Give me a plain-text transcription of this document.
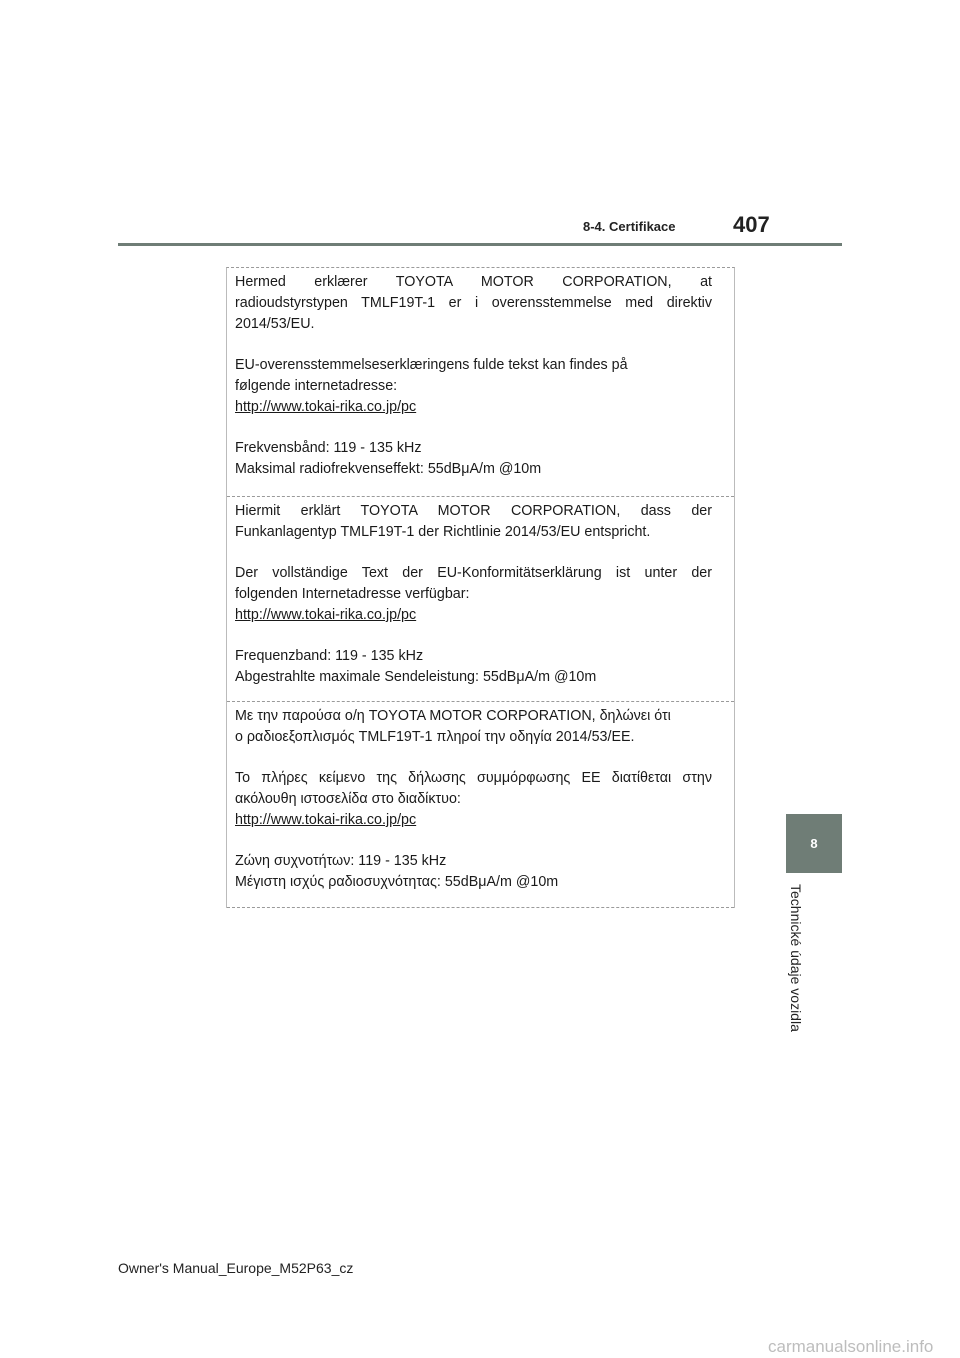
8-4. Certifikace	407
8
Technické údaje vozidla
Hermed erklærer TOYOTA MOTOR CORPORATION, at
radioudstyrstypen TMLF19T-1 er i overensstemmelse med direktiv
2014/53/EU.
EU-overensstemmelseserklæringens fulde tekst kan findes på
følgende internetadresse:
http://www.tokai-rika.co.jp/pc
Frekvensbånd: 119 - 135 kHz
Maksimal radiofrekvenseffekt: 55dBμA/m @10m
Hiermit erklärt TOYOTA MOTOR CORPORATION, dass der
Funkanlagentyp TMLF19T-1 der Richtlinie 2014/53/EU entspricht.
Der vollständige Text der EU-Konformitätserklärung ist unter der
folgenden Internetadresse verfügbar:
http://www.tokai-rika.co.jp/pc
Frequenzband: 119 - 135 kHz
Abgestrahlte maximale Sendeleistung: 55dBμA/m @10m
Με την παρούσα ο/η TOYOTA MOTOR CORPORATION, δηλώνει ότι
ο ραδιοεξοπλισμός TMLF19T-1 πληροί την οδηγία 2014/53/ΕΕ.
Το πλήρες κείμενο της δήλωσης συμμόρφωσης ΕΕ διατίθεται στην
ακόλουθη ιστοσελίδα στο διαδίκτυο:
http://www.tokai-rika.co.jp/pc
Ζώνη συχνοτήτων: 119 - 135 kHz
Μέγιστη ισχύς ραδιοσυχνότητας: 55dBμA/m @10m
Owner's Manual_Europe_M52P63_cz
carmanualsonline.info
